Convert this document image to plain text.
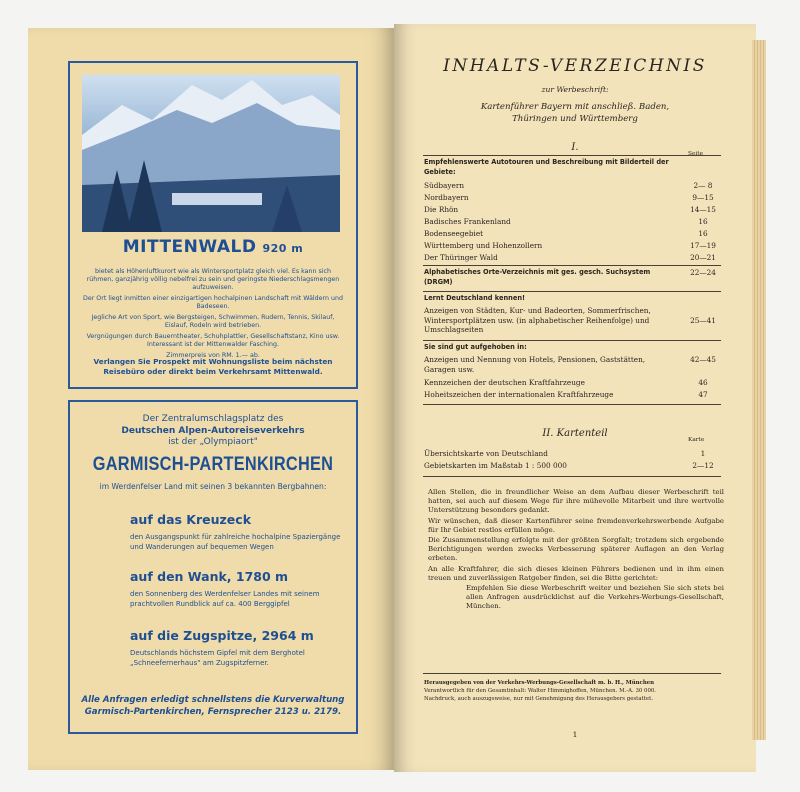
MITTENWALD 920 m

bietet als Höhenluftkurort wie als Wintersportplatz gleich viel. Es kann sich rühmen, ganzjährig völlig nebelfrei zu sein und geringste Niederschlagsmengen aufzuweisen.

Der Ort liegt inmitten einer einzigartigen hochalpinen Landschaft mit Wäldern und Badeseen.

Jegliche Art von Sport, wie Bergsteigen, Schwimmen, Rudern, Tennis, Skilauf, Eislauf, Rodeln wird betrieben.

Vergnügungen durch Bauerntheater, Schuhplattler, Gesellschaftstanz, Kino usw. Interessant ist der Mittenwalder Fasching.

Zimmerpreis von RM. 1.— ab.

Verlangen Sie Prospekt mit Wohnungsliste beim nächsten Reisebüro oder direkt beim Verkehrsamt Mittenwald.
Der Zentralumschlagsplatz des
Deutschen Alpen-Autoreiseverkehrs
ist der „Olympiaort"
GARMISCH-PARTENKIRCHEN
im Werdenfelser Land mit seinen 3 bekannten Bergbahnen:
auf das Kreuzeck
den Ausgangspunkt für zahlreiche hochalpine Spaziergänge und Wanderungen auf bequemen Wegen
auf den Wank, 1780 m
den Sonnenberg des Werdenfelser Landes mit seinem prachtvollen Rundblick auf ca. 400 Berggipfel
auf die Zugspitze, 2964 m
Deutschlands höchstem Gipfel mit dem Berghotel „Schneefernerhaus" am Zugspitzferner.
Alle Anfragen erledigt schnellstens die Kurverwaltung
Garmisch-Partenkirchen, Fernsprecher 2123 u. 2179.
INHALTS-VERZEICHNIS
zur Werbeschrift:
Kartenführer Bayern mit anschließ. Baden,
Thüringen und Württemberg
I.
Seite
Empfehlenswerte Autotouren und Beschreibung mit Bilderteil der Gebiete:
Südbayern	2— 8
Nordbayern	9—15
Die Rhön	14—15
Badisches Frankenland	16
Bodenseegebiet	16
Württemberg und Hohenzollern	17—19
Der Thüringer Wald	20—21
Alphabetisches Orte-Verzeichnis mit ges. gesch. Suchsystem (DRGM)
22—24
Lernt Deutschland kennen!
Anzeigen von Städten, Kur- und Badeorten, Sommerfrischen, Wintersportplätzen usw. (in alphabetischer Reihenfolge) und Umschlagseiten
25—41
Sie sind gut aufgehoben in:
Anzeigen und Nennung von Hotels, Pensionen, Gaststätten, Garagen usw.
42—45
Kennzeichen der deutschen Kraftfahrzeuge	46
Hoheitszeichen der internationalen Kraftfahrzeuge	47
II. Kartenteil
Karte
Übersichtskarte von Deutschland	1
Gebietskarten im Maßstab 1 : 500 000	2—12

Allen Stellen, die in freundlicher Weise an dem Aufbau dieser Werbeschrift teil hatten, sei auch auf diesem Wege für ihre mühevolle Mitarbeit und ihre wertvolle Unterstützung besonders gedankt.

Wir wünschen, daß dieser Kartenführer seine fremdenverkehrswerbende Aufgabe für Ihr Gebiet restlos erfüllen möge.

Die Zusammenstellung erfolgte mit der größten Sorgfalt; trotzdem sich ergebende Berichtigungen werden zwecks Verbesserung späterer Auflagen an den Verlag erbeten.

An alle Kraftfahrer, die sich dieses kleinen Führers bedienen und in ihm einen treuen und zuverlässigen Ratgeber finden, sei die Bitte gerichtet:

Empfehlen Sie diese Werbeschrift weiter und beziehen Sie sich stets bei allen Anfragen ausdrücklichst auf die Verkehrs-Werbungs-Gesellschaft, München.

Herausgegeben von der Verkehrs-Werbungs-Gesellschaft m. b. H., München
Verantwortlich für den Gesamtinhalt: Walter Himmighoffen, München. M.-A. 30 000.
Nachdruck, auch auszugsweise, nur mit Genehmigung des Herausgebers gestattet.
1
